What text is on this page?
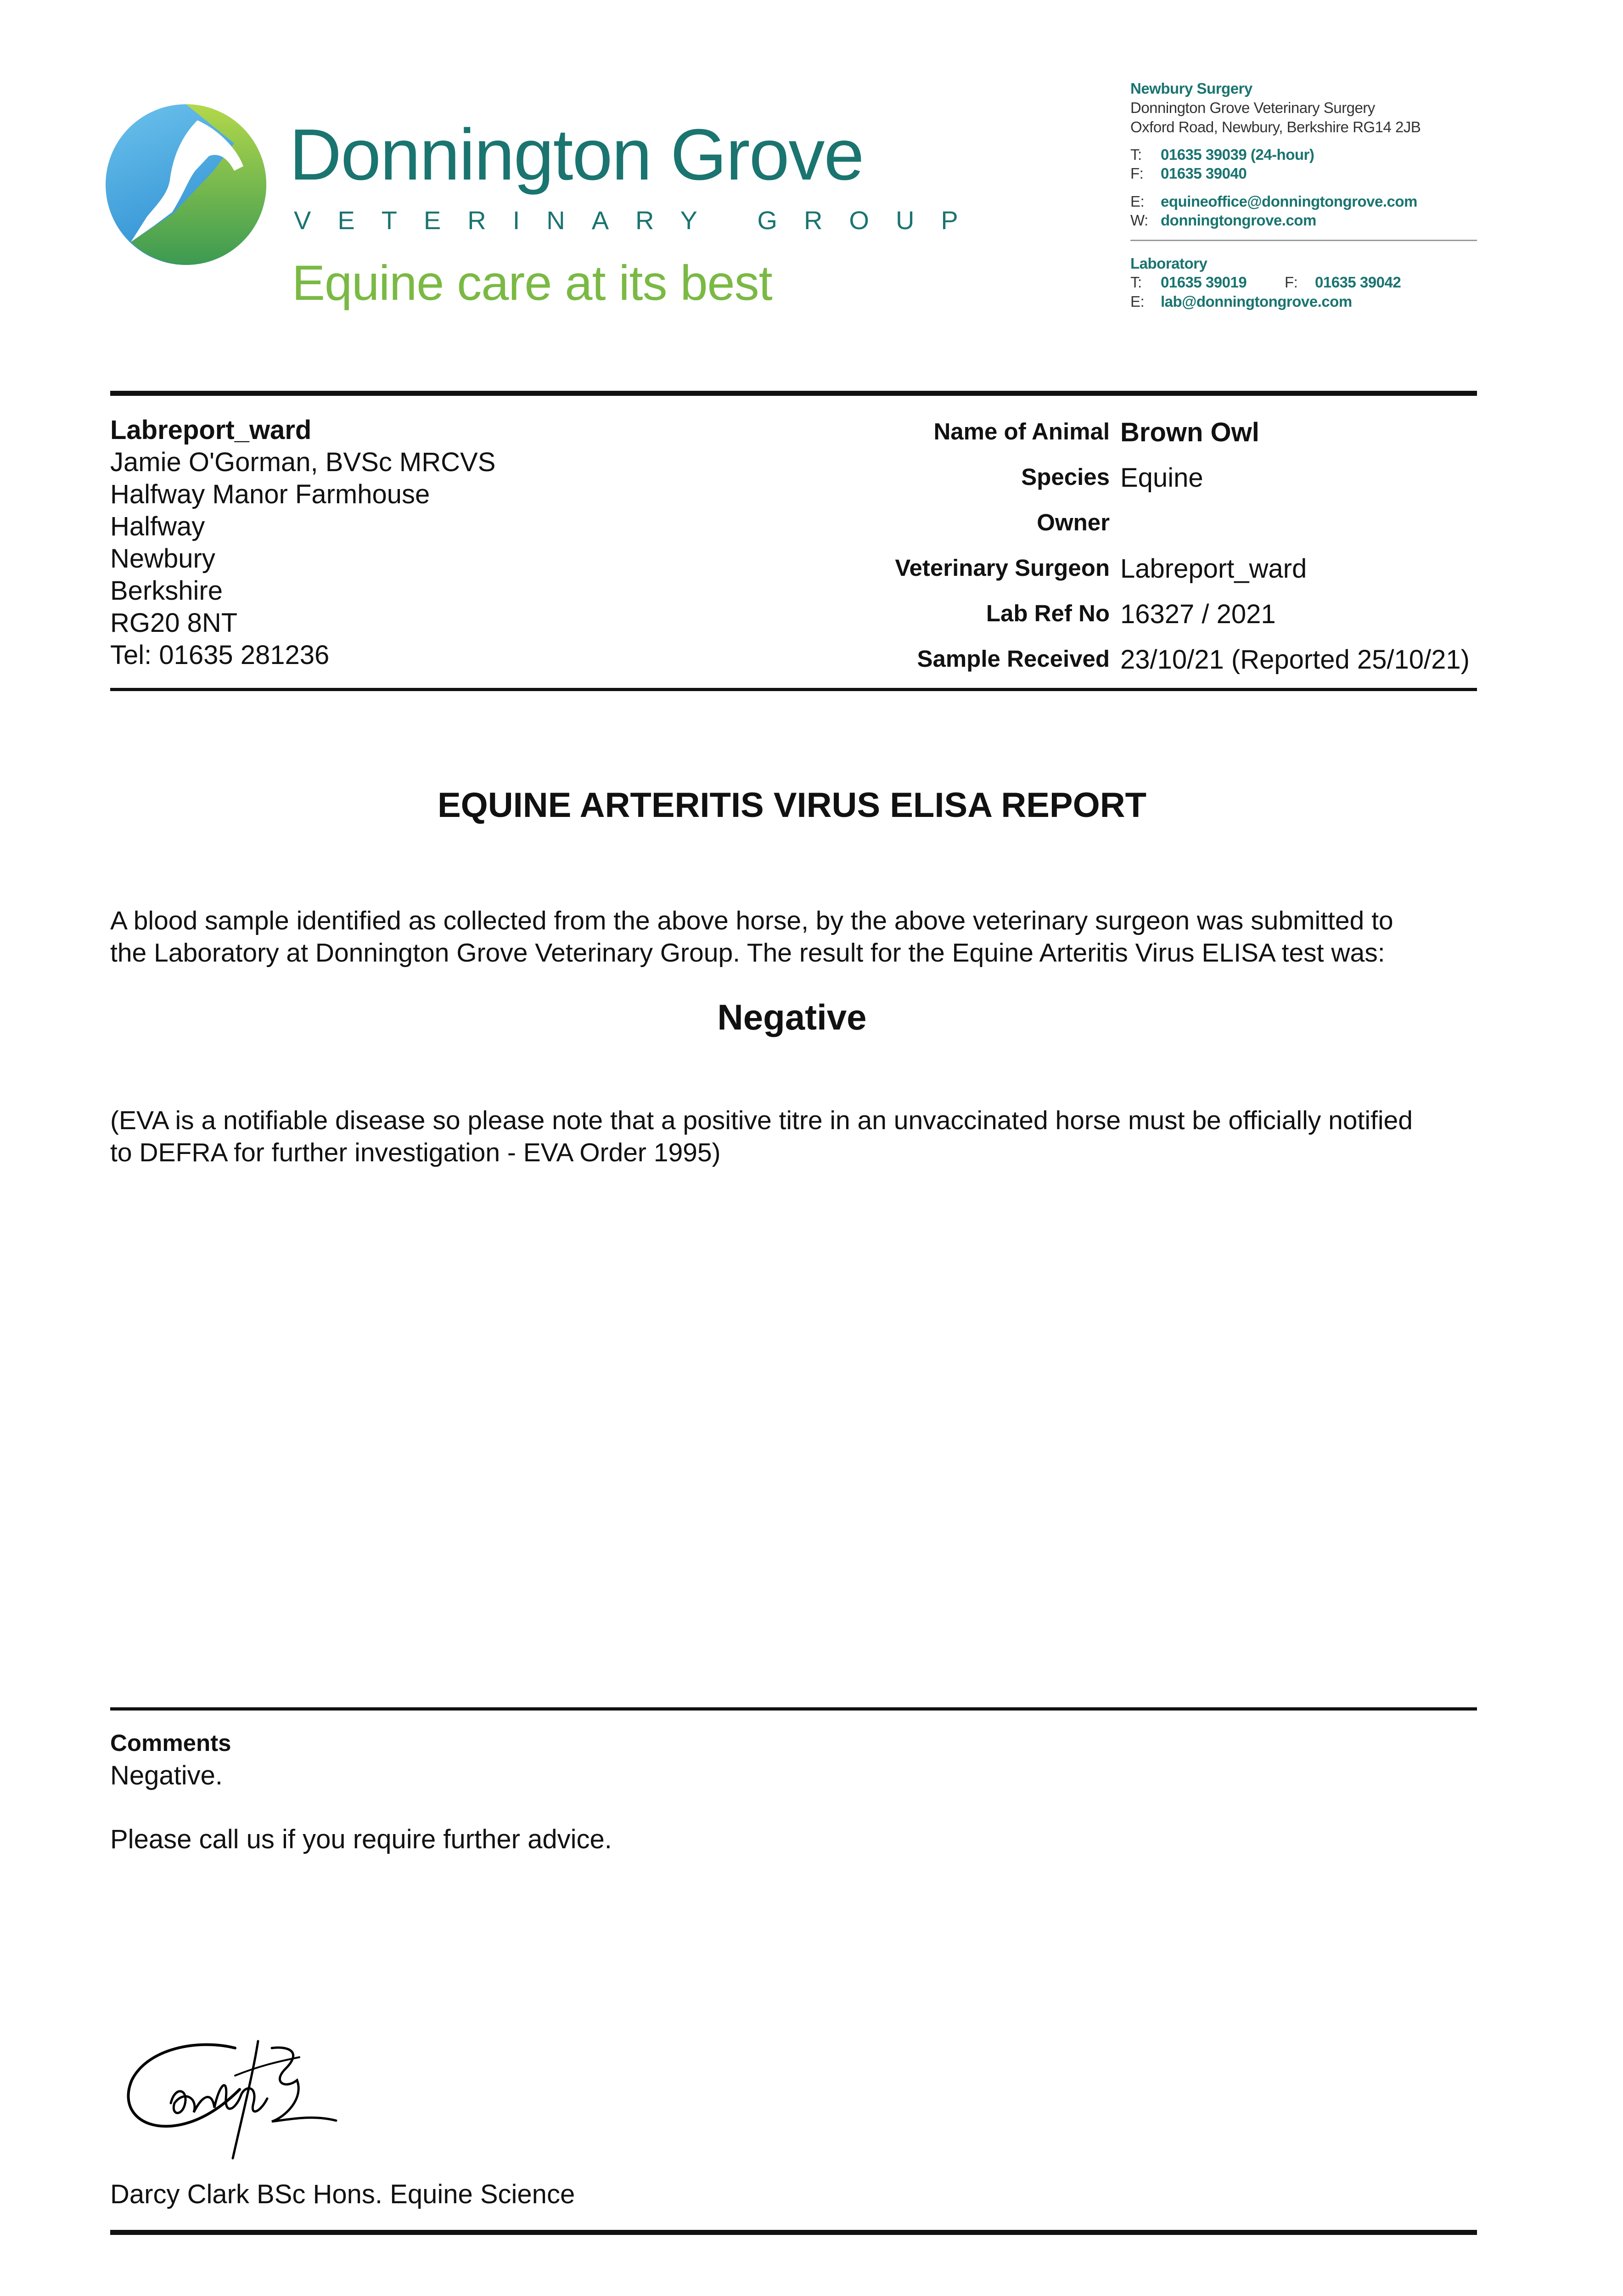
Donnington Grove
VETERINARY GROUP
Equine care at its best
Newbury Surgery
Donnington Grove Veterinary Surgery
Oxford Road, Newbury, Berkshire RG14 2JB
T: 01635 39039 (24-hour)
F: 01635 39040
E: equineoffice@donningtongrove.com
W: donningtongrove.com
Laboratory
T: 01635 39019	F: 01635 39042
E: lab@donningtongrove.com
Labreport_ward
Jamie O'Gorman, BVSc MRCVS
Halfway Manor Farmhouse
Halfway
Newbury
Berkshire
RG20 8NT
Tel: 01635 281236
Name of Animal Brown Owl
Species Equine
Owner
Veterinary Surgeon Labreport_ward
Lab Ref No 16327 / 2021
Sample Received 23/10/21 (Reported 25/10/21)
EQUINE ARTERITIS VIRUS ELISA REPORT
A blood sample identified as collected from the above horse, by the above veterinary surgeon was submitted to
the Laboratory at Donnington Grove Veterinary Group. The result for the Equine Arteritis Virus ELISA test was:
Negative
(EVA is a notifiable disease so please note that a positive titre in an unvaccinated horse must be officially notified
to DEFRA for further investigation - EVA Order 1995)
Comments
Negative.
Please call us if you require further advice.
Darcy Clark BSc Hons. Equine Science
